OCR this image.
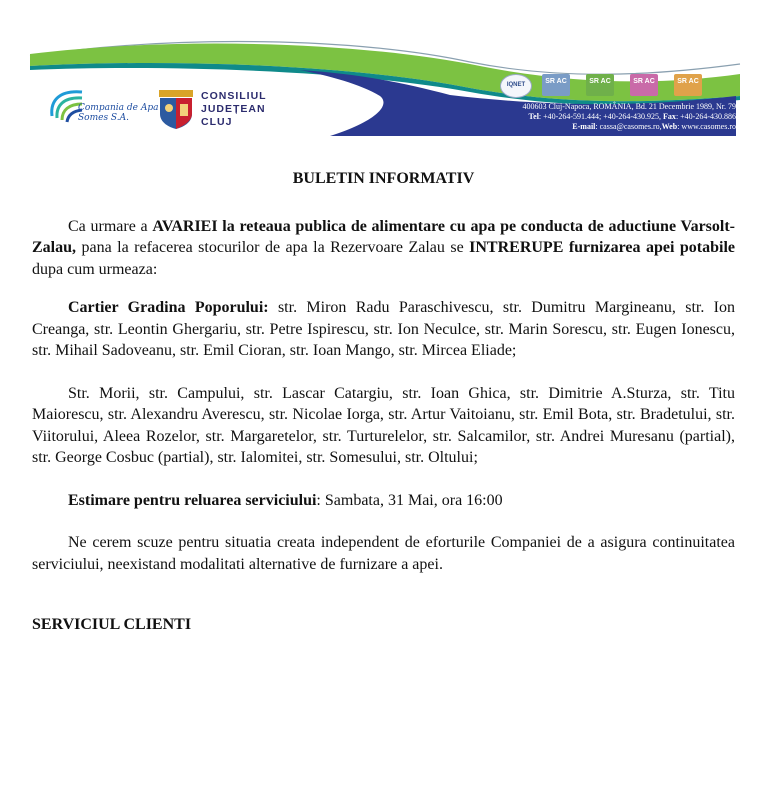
Compania de Apa Somes S.A.
CONSILIUL
JUDEȚEAN
CLUJ
IQNET	SR AC	SR AC	SR AC	SR AC
400603 Cluj-Napoca, ROMÂNIA, Bd. 21 Decembrie 1989, Nr. 79
Tel: +40-264-591.444; +40-264-430.925, Fax: +40-264-430.886
E-mail: cassa@casomes.ro,Web: www.casomes.ro
BULETIN INFORMATIV

Ca urmare a AVARIEI la reteaua publica de alimentare cu apa pe conducta de aductiune Varsolt-Zalau, pana la refacerea stocurilor de apa la Rezervoare Zalau se INTRERUPE furnizarea apei potabile dupa cum urmeaza:

Cartier Gradina Poporului: str. Miron Radu Paraschivescu, str. Dumitru Margineanu, str. Ion Creanga, str. Leontin Ghergariu, str. Petre Ispirescu, str. Ion Neculce, str. Marin Sorescu, str. Eugen Ionescu, str. Mihail Sadoveanu, str. Emil Cioran, str. Ioan Mango, str. Mircea Eliade;

Str. Morii, str. Campului, str. Lascar Catargiu, str. Ioan Ghica, str. Dimitrie A.Sturza, str. Titu Maiorescu, str. Alexandru Averescu, str. Nicolae Iorga, str. Artur Vaitoianu, str. Emil Bota, str. Bradetului, str. Viitorului, Aleea Rozelor, str. Margaretelor, str. Turturelelor, str. Salcamilor, str. Andrei Muresanu (partial), str. George Cosbuc (partial), str. Ialomitei, str. Somesului, str. Oltului;

Estimare pentru reluarea serviciului: Sambata, 31 Mai, ora 16:00

Ne cerem scuze pentru situatia creata independent de eforturile Companiei de a asigura continuitatea serviciului, neexistand modalitati alternative de furnizare a apei.

SERVICIUL CLIENTI
